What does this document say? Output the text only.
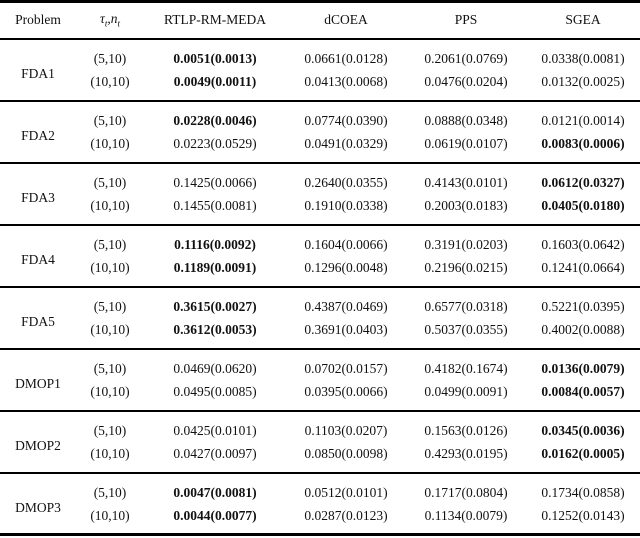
Problem	$\tau_t,n_t$	RTLP-RM-MEDA	dCOEA	PPS	SGEA
FDA1	(5,10)	0.0051(0.0013)	0.0661(0.0128)	0.2061(0.0769)	0.0338(0.0081)
	(10,10)	0.0049(0.0011)	0.0413(0.0068)	0.0476(0.0204)	0.0132(0.0025)
FDA2	(5,10)	0.0228(0.0046)	0.0774(0.0390)	0.0888(0.0348)	0.0121(0.0014)
	(10,10)	0.0223(0.0529)	0.0491(0.0329)	0.0619(0.0107)	0.0083(0.0006)
FDA3	(5,10)	0.1425(0.0066)	0.2640(0.0355)	0.4143(0.0101)	0.0612(0.0327)
	(10,10)	0.1455(0.0081)	0.1910(0.0338)	0.2003(0.0183)	0.0405(0.0180)
FDA4	(5,10)	0.1116(0.0092)	0.1604(0.0066)	0.3191(0.0203)	0.1603(0.0642)
	(10,10)	0.1189(0.0091)	0.1296(0.0048)	0.2196(0.0215)	0.1241(0.0664)
FDA5	(5,10)	0.3615(0.0027)	0.4387(0.0469)	0.6577(0.0318)	0.5221(0.0395)
	(10,10)	0.3612(0.0053)	0.3691(0.0403)	0.5037(0.0355)	0.4002(0.0088)
DMOP1	(5,10)	0.0469(0.0620)	0.0702(0.0157)	0.4182(0.1674)	0.0136(0.0079)
	(10,10)	0.0495(0.0085)	0.0395(0.0066)	0.0499(0.0091)	0.0084(0.0057)
DMOP2	(5,10)	0.0425(0.0101)	0.1103(0.0207)	0.1563(0.0126)	0.0345(0.0036)
	(10,10)	0.0427(0.0097)	0.0850(0.0098)	0.4293(0.0195)	0.0162(0.0005)
DMOP3	(5,10)	0.0047(0.0081)	0.0512(0.0101)	0.1717(0.0804)	0.1734(0.0858)
	(10,10)	0.0044(0.0077)	0.0287(0.0123)	0.1134(0.0079)	0.1252(0.0143)
